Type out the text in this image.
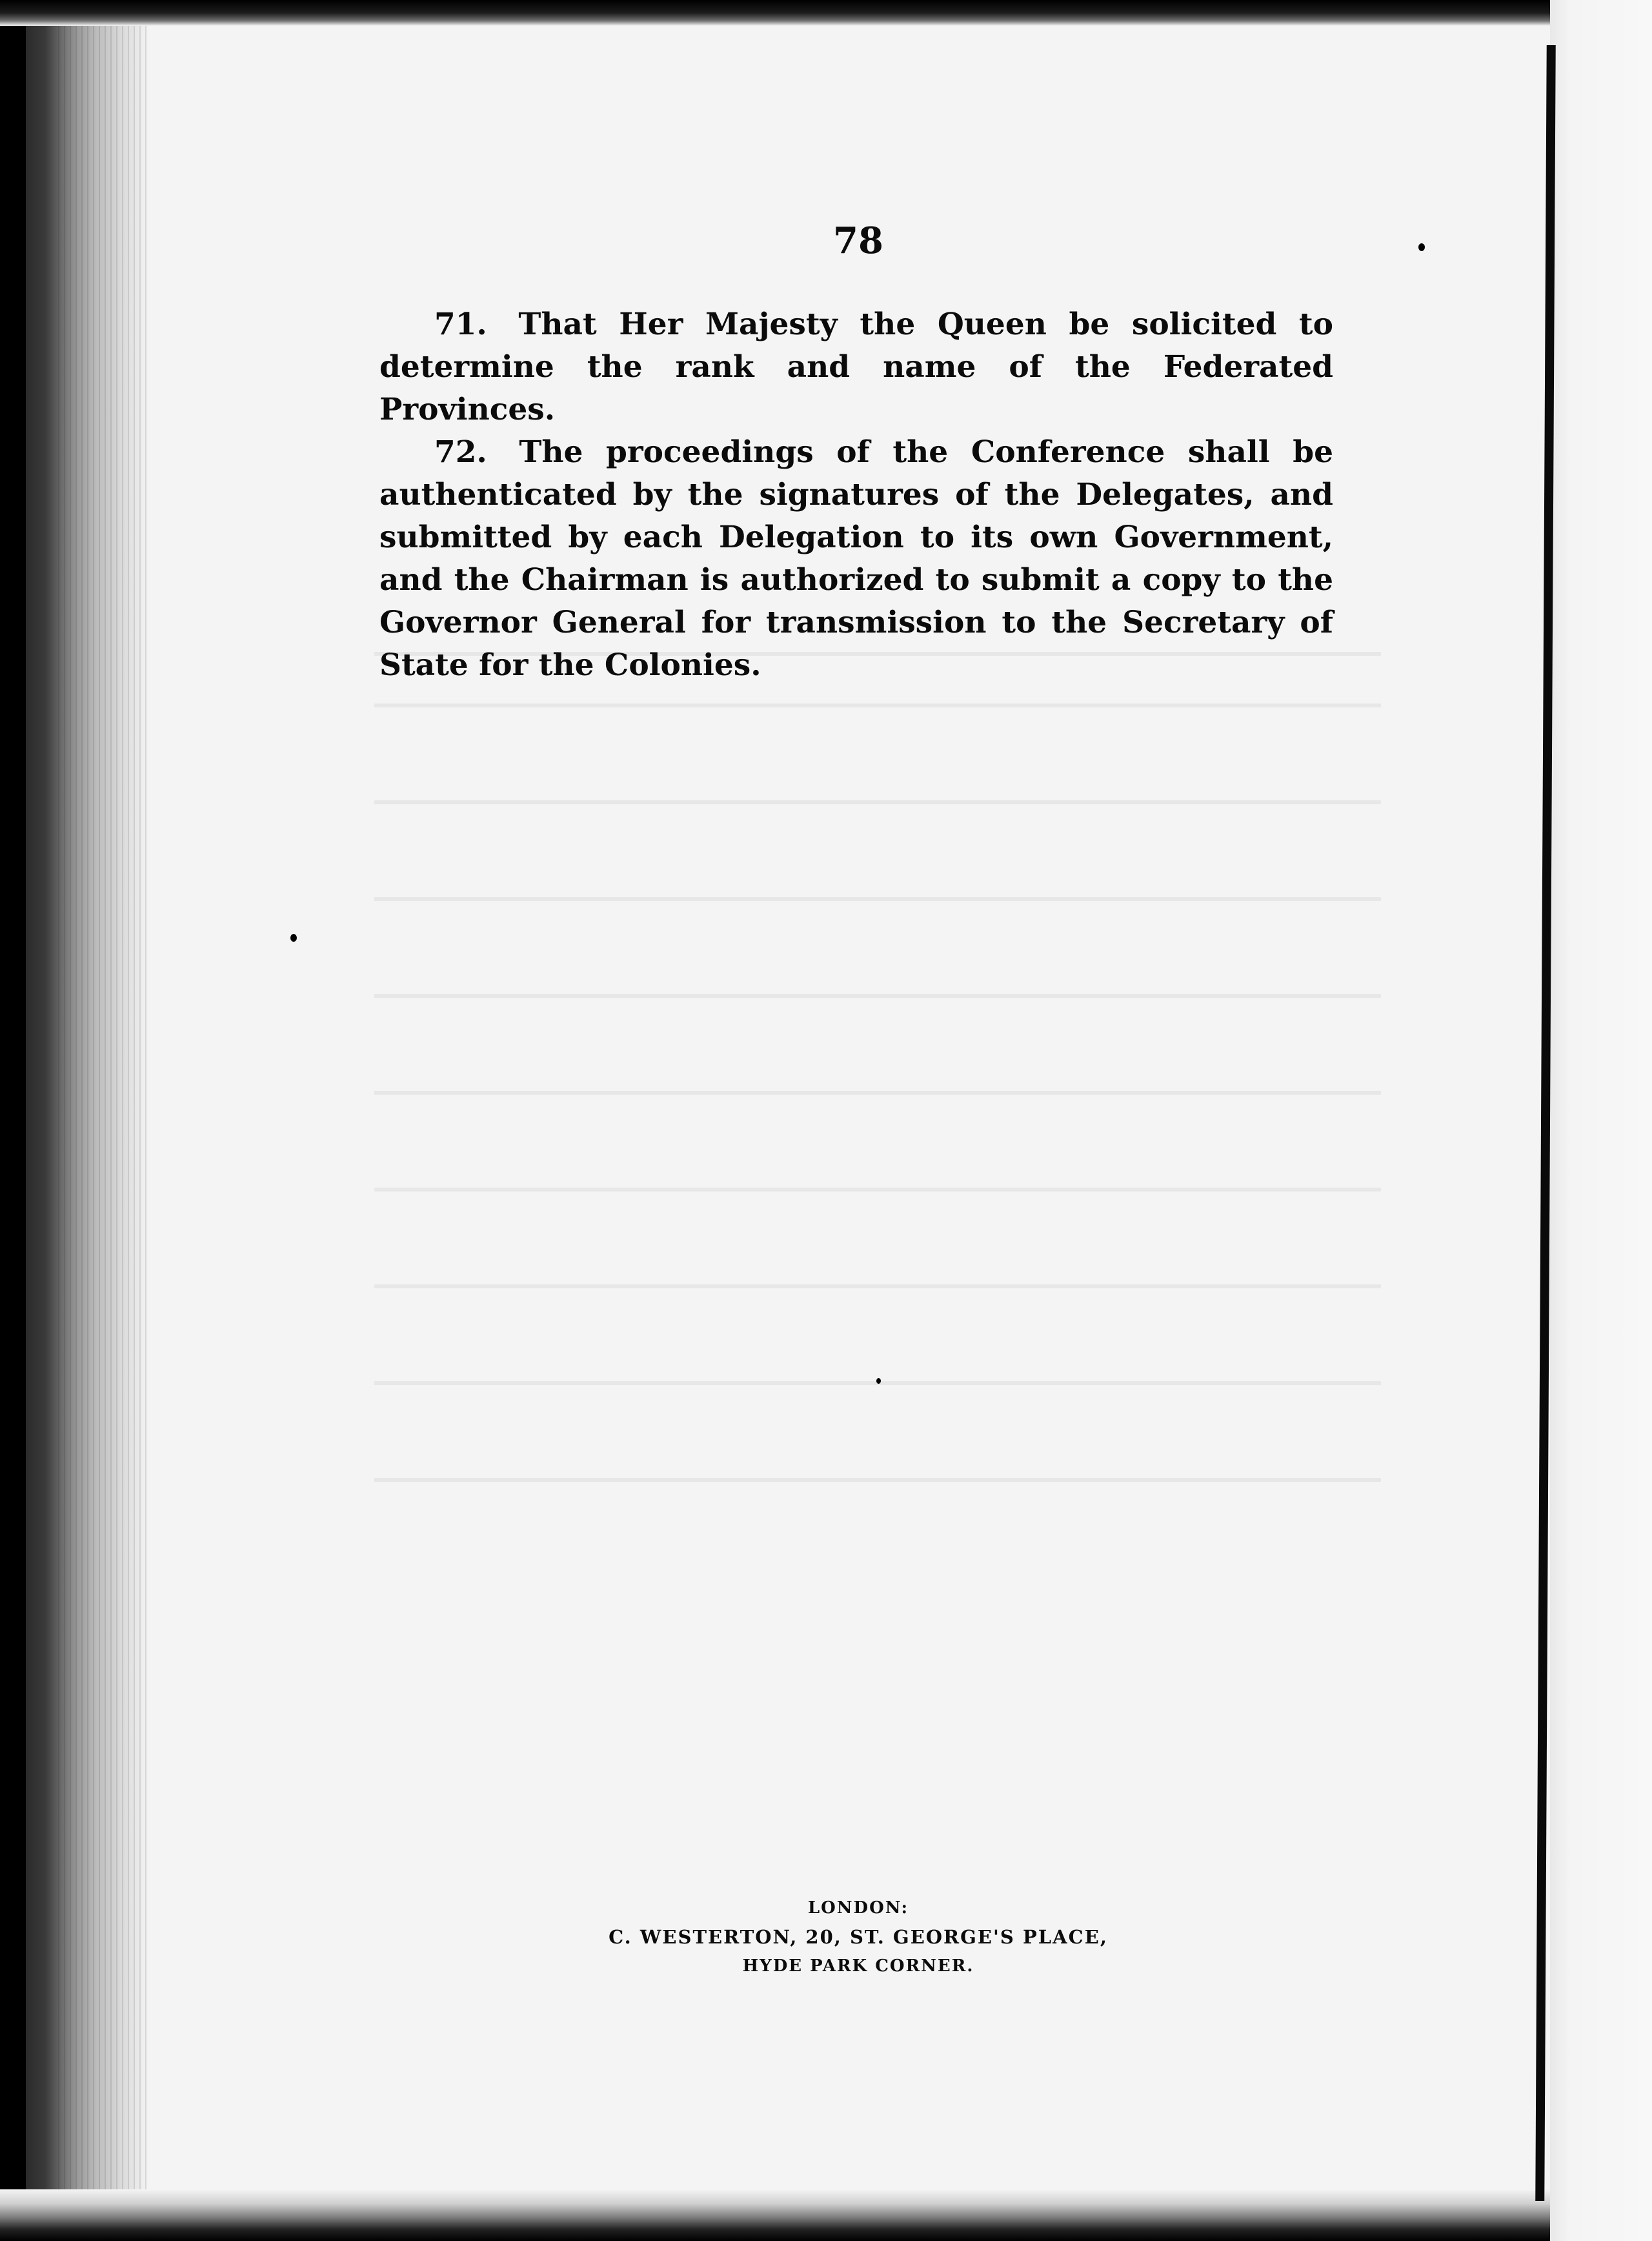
78

71. That Her Majesty the Queen be solicited to determine the rank and name of the Federated Provinces.

72. The proceedings of the Conference shall be authenticated by the signatures of the Delegates, and submitted by each Delegation to its own Government, and the Chairman is authorized to submit a copy to the Governor General for transmission to the Secretary of State for the Colonies.

LONDON:
C. WESTERTON, 20, ST. GEORGE'S PLACE,
HYDE PARK CORNER.
